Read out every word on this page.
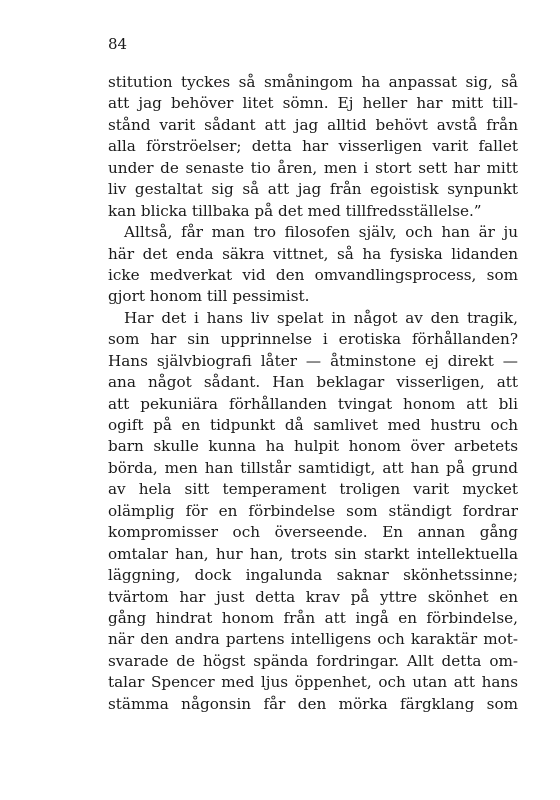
84
stitution tyckes så småningom ha anpassat sig, så
att jag behöver litet sömn. Ej heller har mitt till-
stånd varit sådant att jag alltid behövt avstå från
alla förströelser; detta har visserligen varit fallet
under de senaste tio åren, men i stort sett har mitt
liv gestaltat sig så att jag från egoistisk synpunkt
kan blicka tillbaka på det med tillfredsställelse.”
Alltså, får man tro filosofen själv, och han är ju
här det enda säkra vittnet, så ha fysiska lidanden
icke medverkat vid den omvandlingsprocess, som
gjort honom till pessimist.
Har det i hans liv spelat in något av den tragik,
som har sin upprinnelse i erotiska förhållanden?
Hans självbiografi låter — åtminstone ej direkt —
ana något sådant. Han beklagar visserligen, att
att pekuniära förhållanden tvingat honom att bli
ogift på en tidpunkt då samlivet med hustru och
barn skulle kunna ha hulpit honom över arbetets
börda, men han tillstår samtidigt, att han på grund
av hela sitt temperament troligen varit mycket
olämplig för en förbindelse som ständigt fordrar
kompromisser och överseende. En annan gång
omtalar han, hur han, trots sin starkt intellektuella
läggning, dock ingalunda saknar skönhetssinne;
tvärtom har just detta krav på yttre skönhet en
gång hindrat honom från att ingå en förbindelse,
när den andra partens intelligens och karaktär mot-
svarade de högst spända fordringar. Allt detta om-
talar Spencer med ljus öppenhet, och utan att hans
stämma någonsin får den mörka färgklang som
